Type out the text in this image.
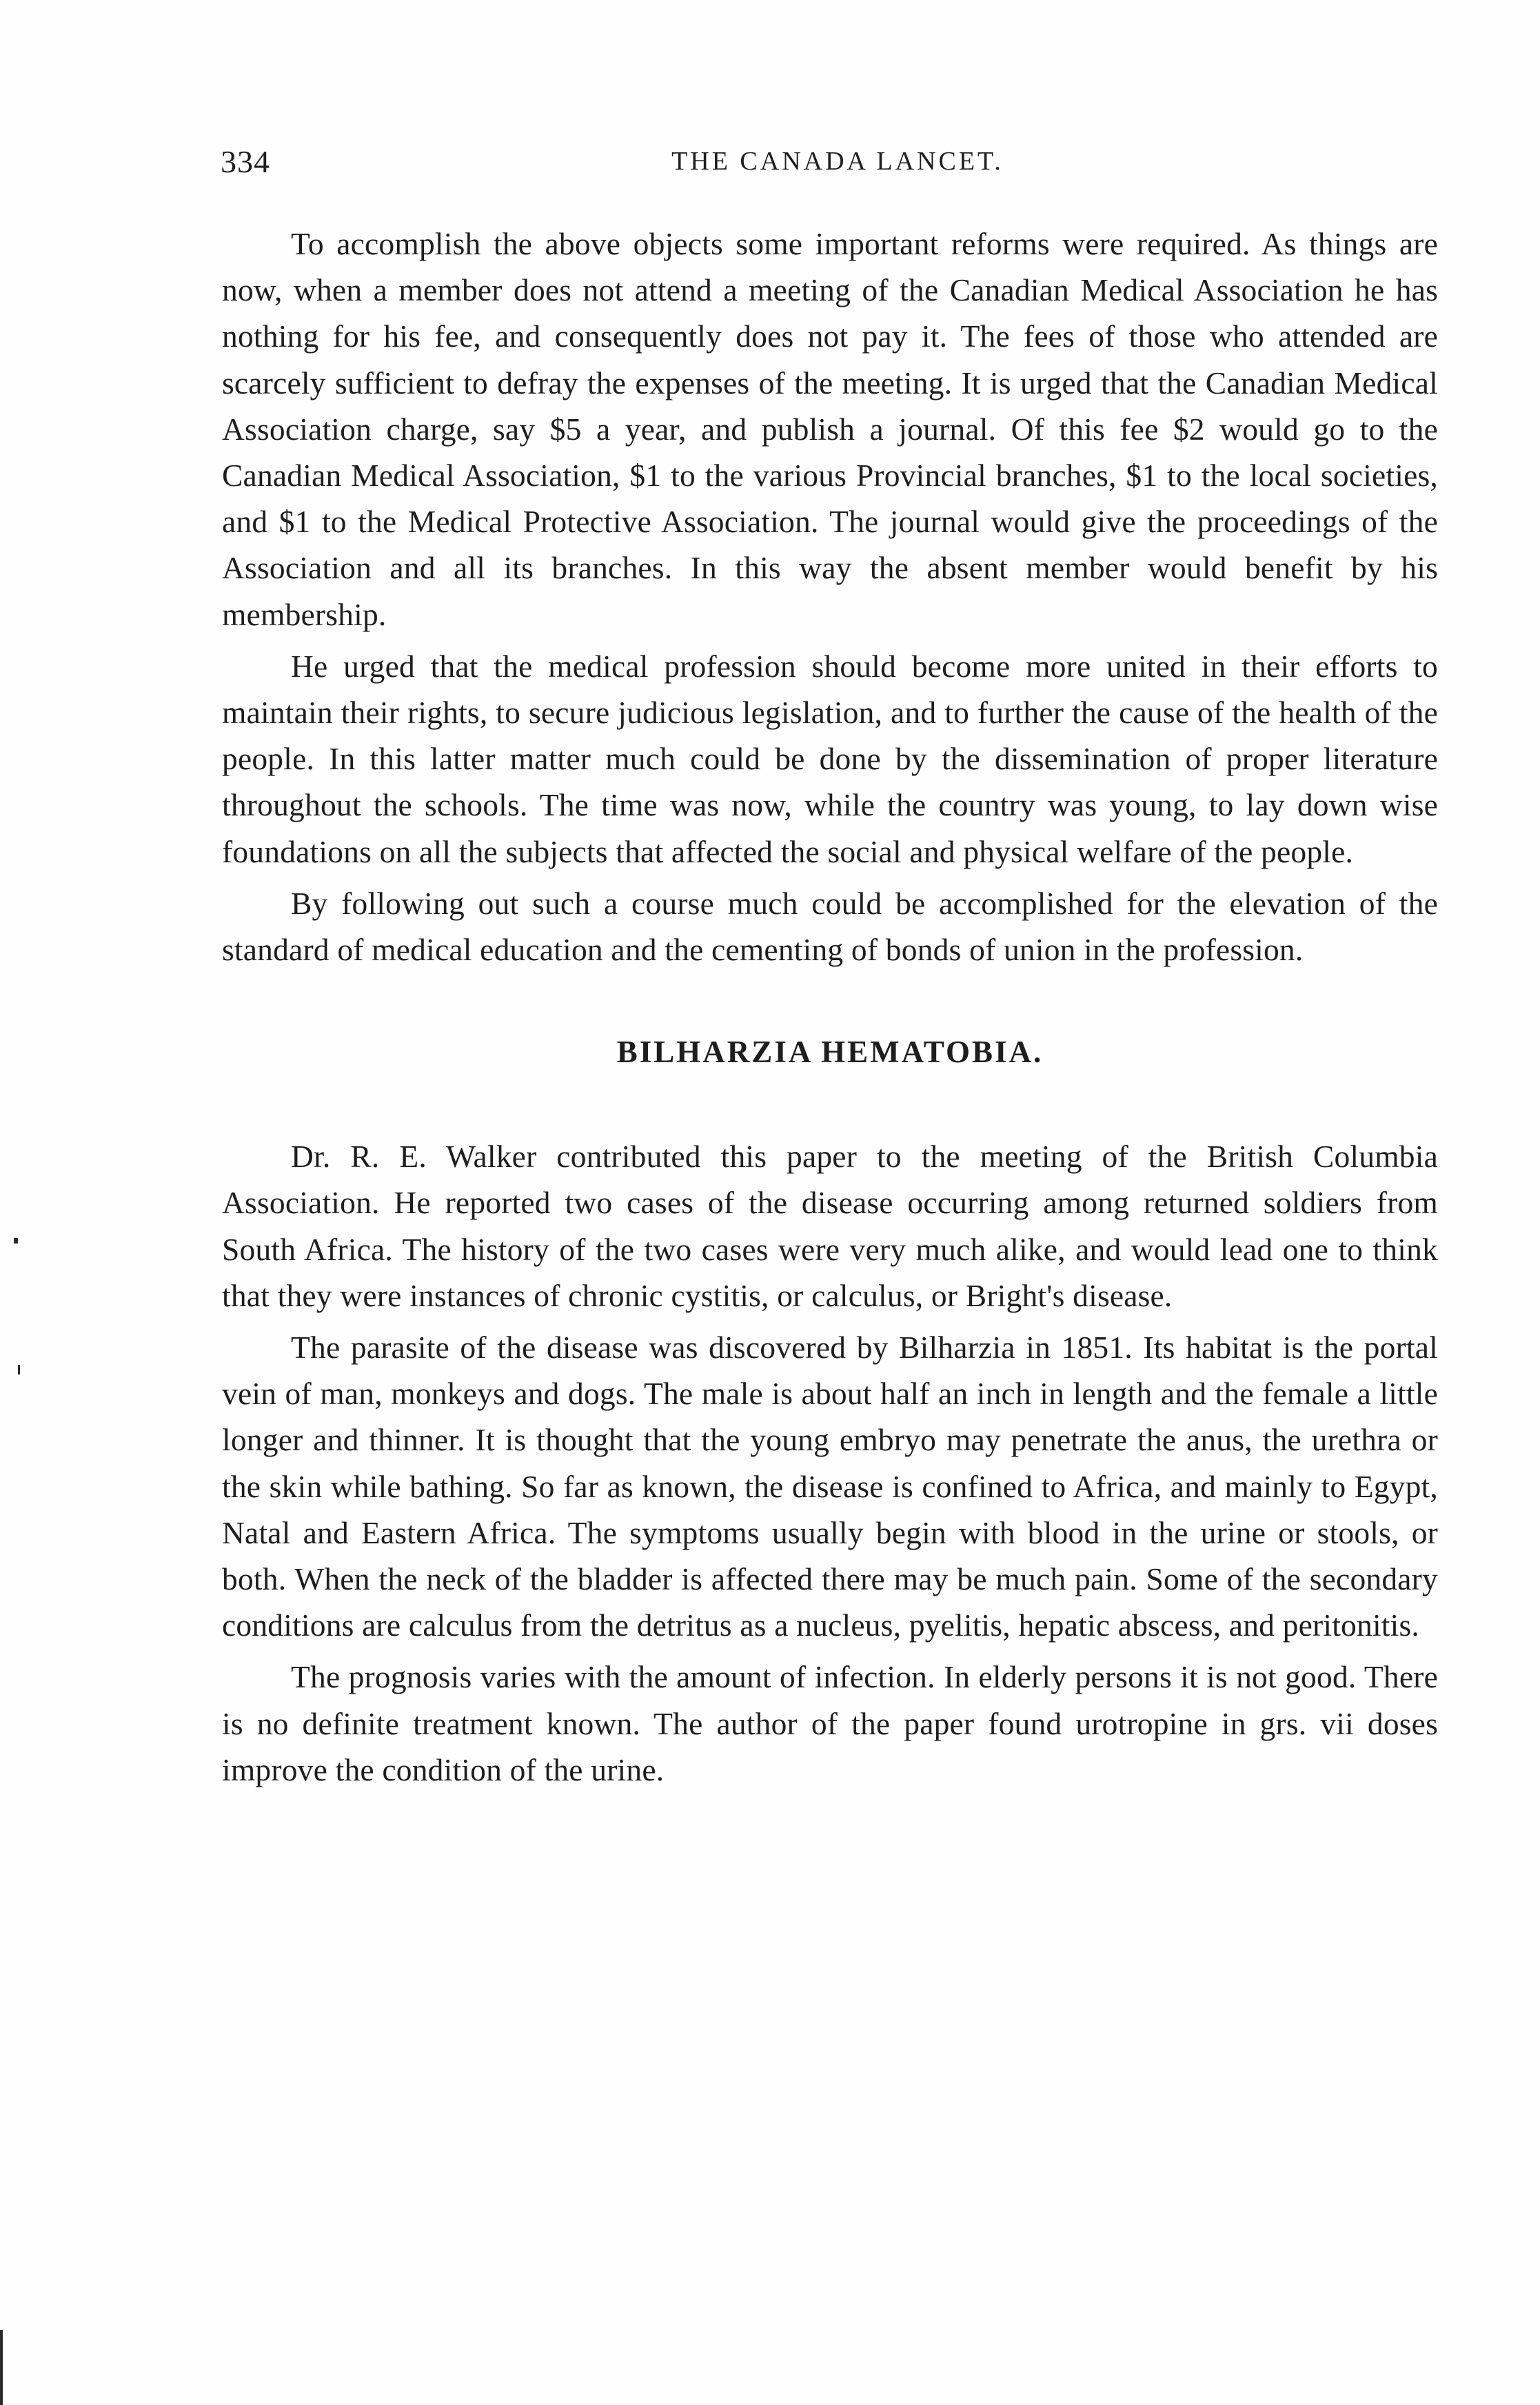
334	THE CANADA LANCET.

To accomplish the above objects some important reforms were required. As things are now, when a member does not attend a meeting of the Canadian Medical Association he has nothing for his fee, and consequently does not pay it. The fees of those who attended are scarcely sufficient to defray the expenses of the meeting. It is urged that the Canadian Medical Association charge, say $5 a year, and publish a journal. Of this fee $2 would go to the Canadian Medical Association, $1 to the various Provincial branches, $1 to the local societies, and $1 to the Medical Protective Association. The journal would give the proceedings of the Association and all its branches. In this way the absent member would benefit by his membership.

He urged that the medical profession should become more united in their efforts to maintain their rights, to secure judicious legislation, and to further the cause of the health of the people. In this latter matter much could be done by the dissemination of proper literature throughout the schools. The time was now, while the country was young, to lay down wise foundations on all the subjects that affected the social and physical welfare of the people.

By following out such a course much could be accomplished for the elevation of the standard of medical education and the cementing of bonds of union in the profession.

BILHARZIA HEMATOBIA.

Dr. R. E. Walker contributed this paper to the meeting of the British Columbia Association. He reported two cases of the disease occurring among returned soldiers from South Africa. The history of the two cases were very much alike, and would lead one to think that they were instances of chronic cystitis, or calculus, or Bright's disease.

The parasite of the disease was discovered by Bilharzia in 1851. Its habitat is the portal vein of man, monkeys and dogs. The male is about half an inch in length and the female a little longer and thinner. It is thought that the young embryo may penetrate the anus, the urethra or the skin while bathing. So far as known, the disease is confined to Africa, and mainly to Egypt, Natal and Eastern Africa. The symptoms usually begin with blood in the urine or stools, or both. When the neck of the bladder is affected there may be much pain. Some of the secondary conditions are calculus from the detritus as a nucleus, pyelitis, hepatic abscess, and peritonitis.

The prognosis varies with the amount of infection. In elderly persons it is not good. There is no definite treatment known. The author of the paper found urotropine in grs. vii doses improve the condition of the urine.
